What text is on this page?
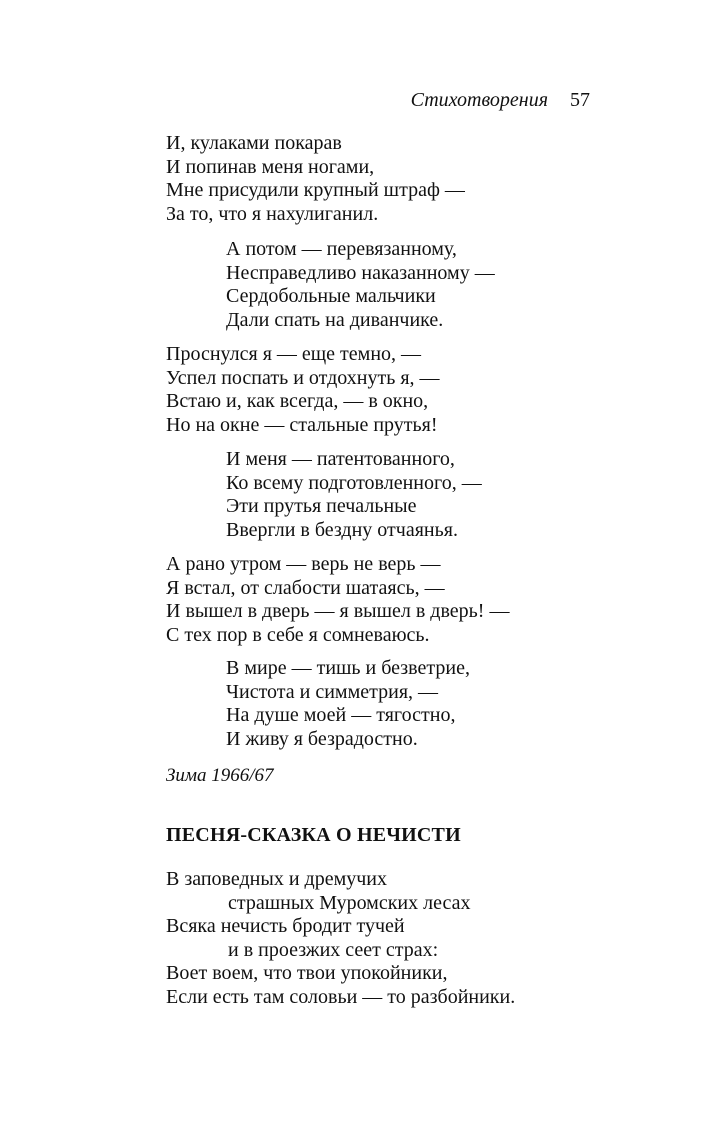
Стихотворения 57
И, кулаками покарав
И попинав меня ногами,
Мне присудили крупный штраф —
За то, что я нахулиганил.
А потом — перевязанному,
Несправедливо наказанному —
Сердобольные мальчики
Дали спать на диванчике.
Проснулся я — еще темно, —
Успел поспать и отдохнуть я, —
Встаю и, как всегда, — в окно,
Но на окне — стальные прутья!
И меня — патентованного,
Ко всему подготовленного, —
Эти прутья печальные
Ввергли в бездну отчаянья.
А рано утром — верь не верь —
Я встал, от слабости шатаясь, —
И вышел в дверь — я вышел в дверь! —
С тех пор в себе я сомневаюсь.
В мире — тишь и безветрие,
Чистота и симметрия, —
На душе моей — тягостно,
И живу я безрадостно.
Зима 1966/67
ПЕСНЯ-СКАЗКА О НЕЧИСТИ
В заповедных и дремучих
страшных Муромских лесах
Всяка нечисть бродит тучей
и в проезжих сеет страх:
Воет воем, что твои упокойники,
Если есть там соловьи — то разбойники.
